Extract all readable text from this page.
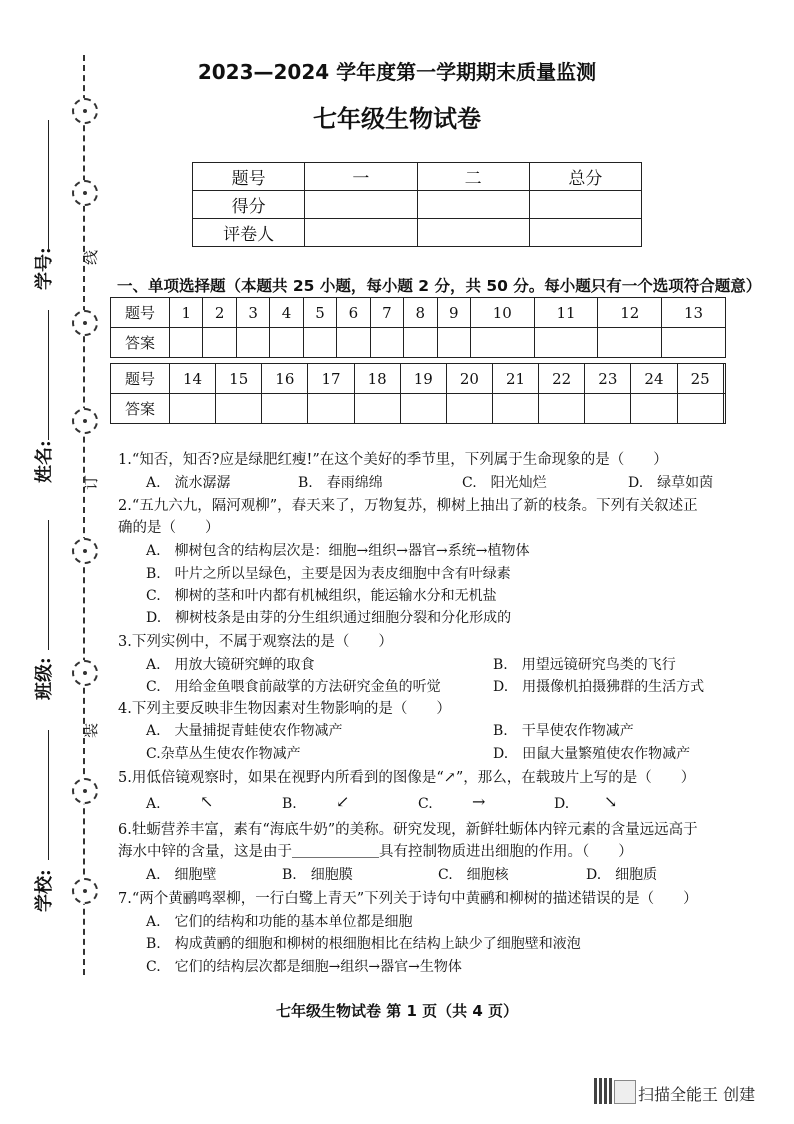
线
订
装
学号:
姓名:
班级:
学校:
2023—2024 学年度第一学期期末质量监测
七年级生物试卷
题号	一	二	总分
得分			
评卷人			
一、单项选择题（本题共 25 小题，每小题 2 分，共 50 分。每小题只有一个选项符合题意）
题号	1	2	3	4	5	6	7	8	9	10	11	12	13
答案													
题号	14	15	16	17	18	19	20	21	22	23	24	25	
答案													
1.“知否，知否?应是绿肥红瘦!”在这个美好的季节里，下列属于生命现象的是（　　）
A.　流水潺潺	B.　春雨绵绵	C.　阳光灿烂	D.　绿草如茵
2.“五九六九，隔河观柳”，春天来了，万物复苏，柳树上抽出了新的枝条。下列有关叙述正
确的是（　　）
A.　柳树包含的结构层次是：细胞→组织→器官→系统→植物体
B.　叶片之所以呈绿色，主要是因为表皮细胞中含有叶绿素
C.　柳树的茎和叶内都有机械组织，能运输水分和无机盐
D.　柳树枝条是由芽的分生组织通过细胞分裂和分化形成的
3.下列实例中，不属于观察法的是（　　）
A.　用放大镜研究蝉的取食	B.　用望远镜研究鸟类的飞行
C.　用给金鱼喂食前敲掌的方法研究金鱼的听觉	D.　用摄像机拍摄狒群的生活方式
4.下列主要反映非生物因素对生物影响的是（　　）
A.　大量捕捉青蛙使农作物减产	B.　干旱使农作物减产
C.杂草丛生使农作物减产	D.　田鼠大量繁殖使农作物减产
5.用低倍镜观察时，如果在视野内所看到的图像是“↗”，那么，在载玻片上写的是（　　）
A. ↖	B. ↙	C. →	D. ↘
6.牡蛎营养丰富，素有“海底牛奶”的美称。研究发现，新鲜牡蛎体内锌元素的含量远远高于
海水中锌的含量，这是由于＿＿＿＿＿＿具有控制物质进出细胞的作用。（　　）
A.　细胞壁	B.　细胞膜	C.　细胞核	D.　细胞质
7.“两个黄鹂鸣翠柳，一行白鹭上青天”下列关于诗句中黄鹂和柳树的描述错误的是（　　）
A.　它们的结构和功能的基本单位都是细胞
B.　构成黄鹂的细胞和柳树的根细胞相比在结构上缺少了细胞壁和液泡
C.　它们的结构层次都是细胞→组织→器官→生物体
七年级生物试卷 第 1 页（共 4 页）
扫描全能王 创建
